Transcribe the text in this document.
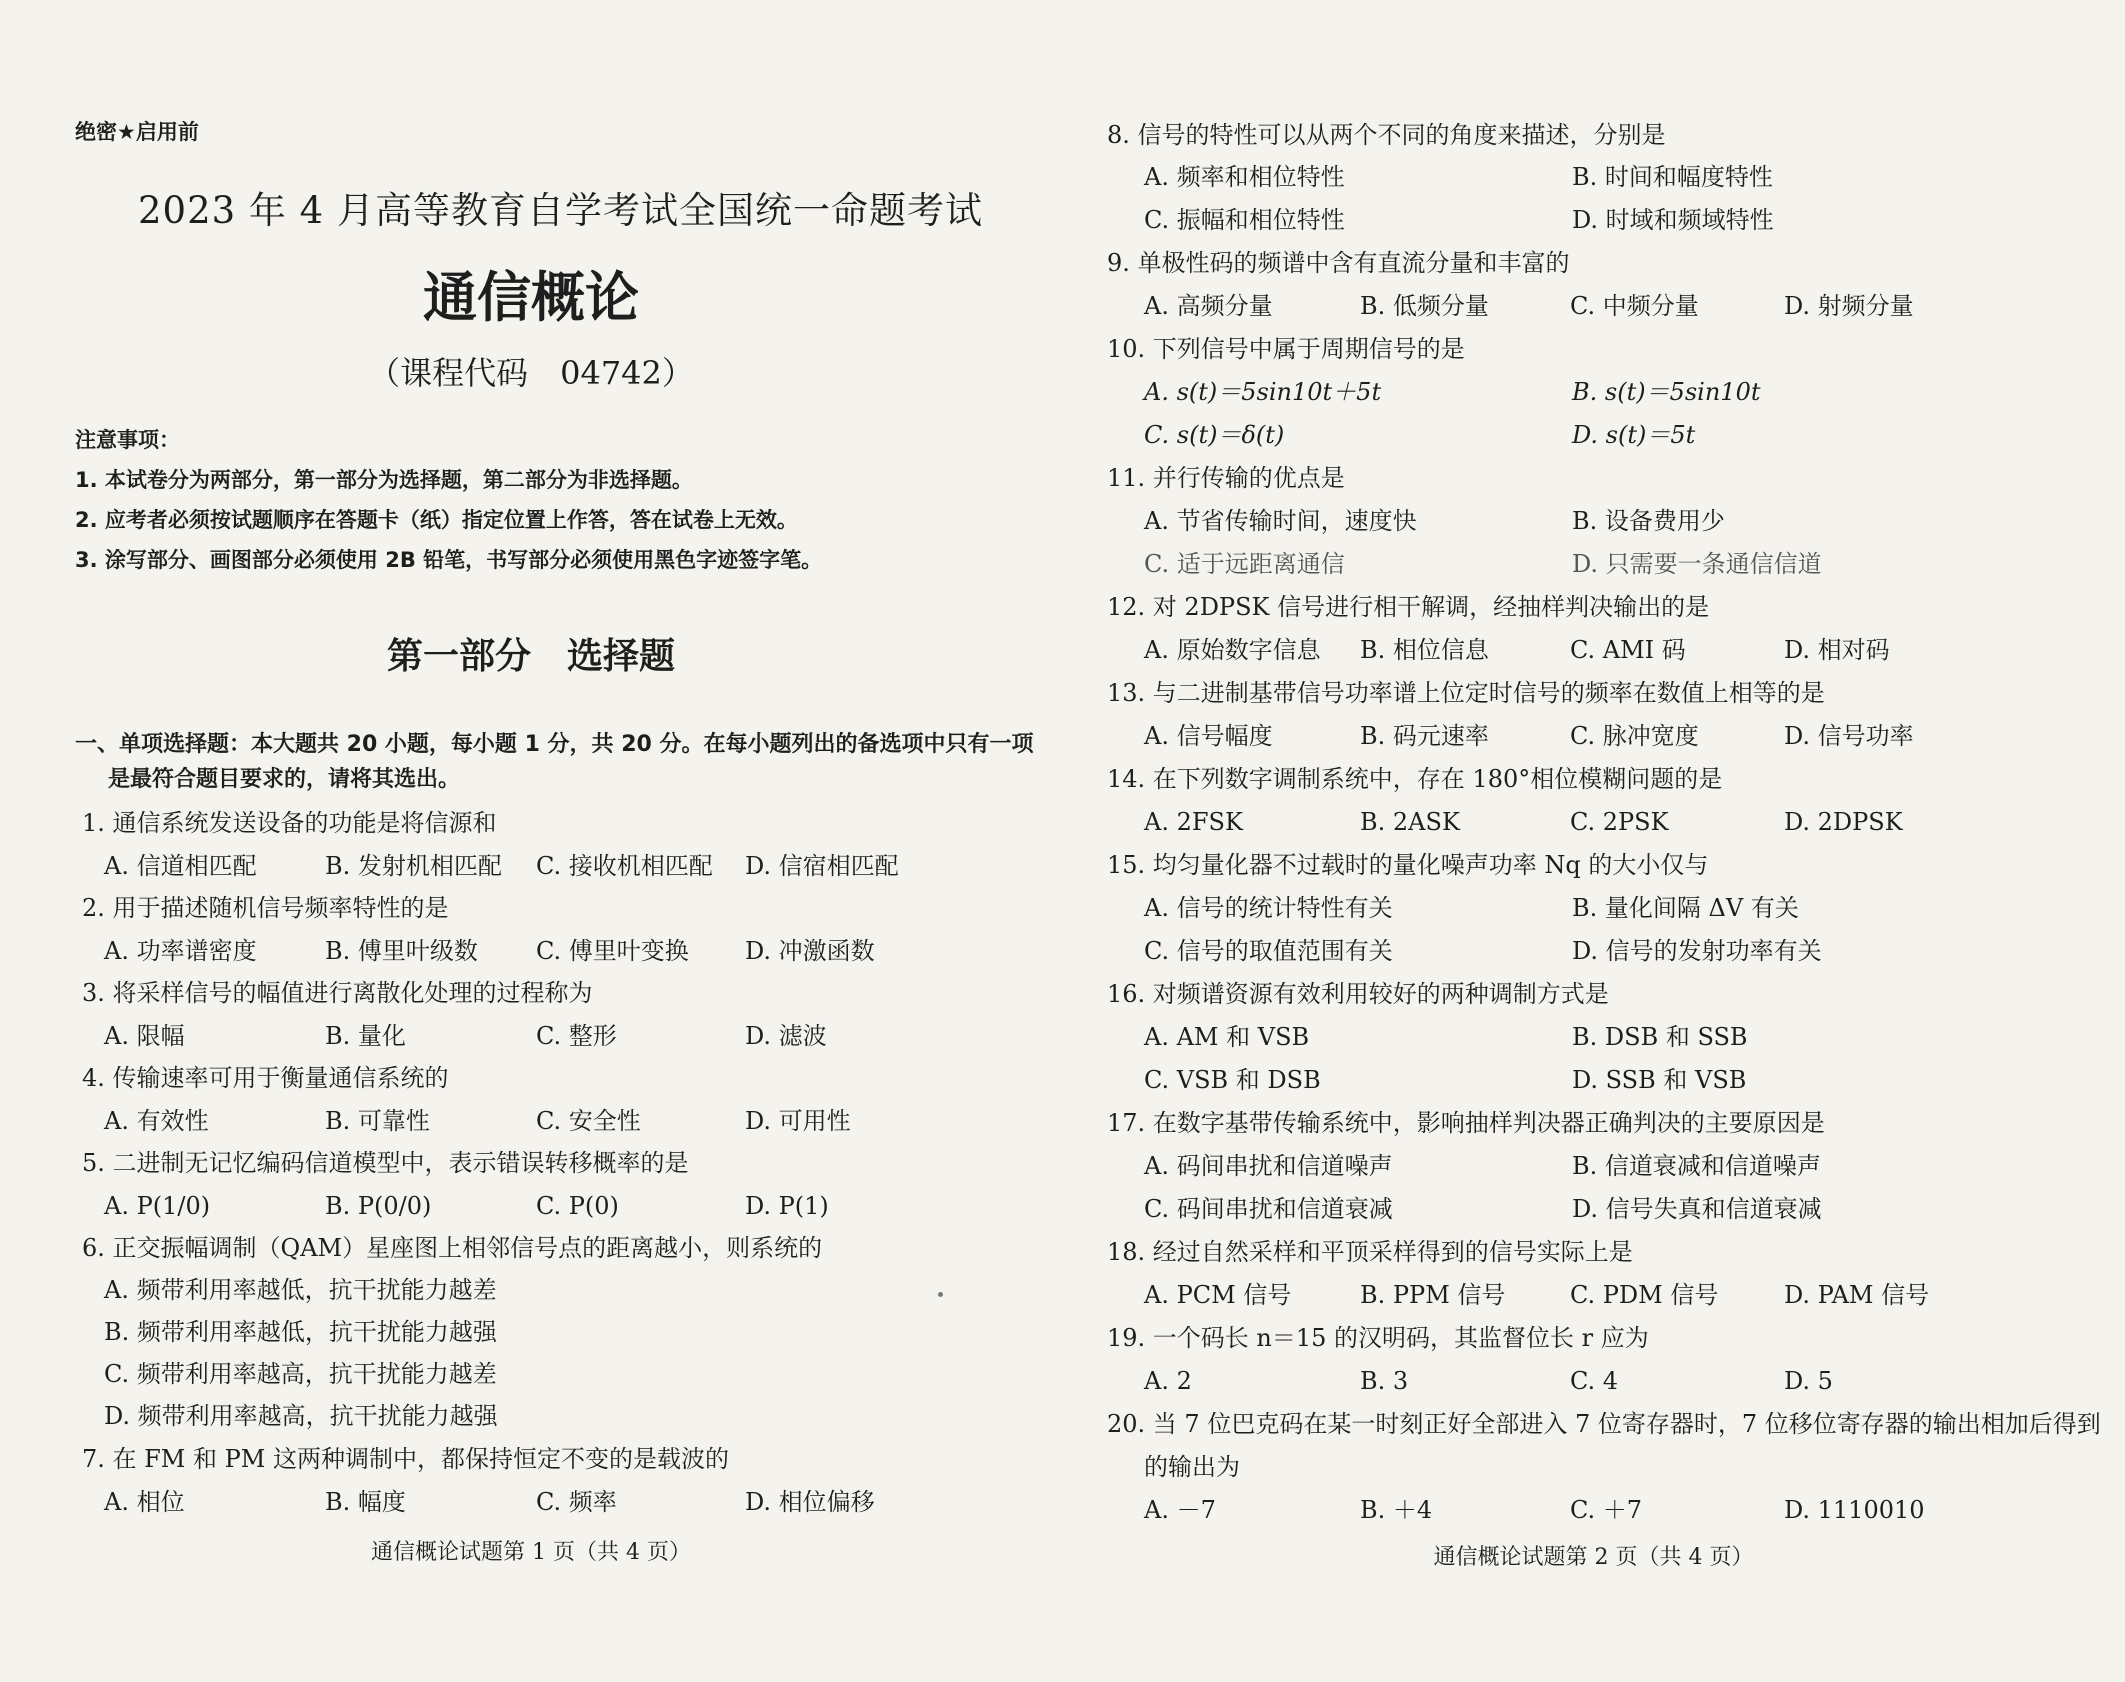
绝密★启用前
2023 年 4 月高等教育自学考试全国统一命题考试
通信概论
（课程代码　04742）
注意事项：
1. 本试卷分为两部分，第一部分为选择题，第二部分为非选择题。
2. 应考者必须按试题顺序在答题卡（纸）指定位置上作答，答在试卷上无效。
3. 涂写部分、画图部分必须使用 2B 铅笔，书写部分必须使用黑色字迹签字笔。
第一部分　选择题
一、单项选择题：本大题共 20 小题，每小题 1 分，共 20 分。在每小题列出的备选项中只有一项
是最符合题目要求的，请将其选出。
1. 通信系统发送设备的功能是将信源和
A. 信道相匹配	B. 发射机相匹配 C. 接收机相匹配 D. 信宿相匹配
2. 用于描述随机信号频率特性的是
A. 功率谱密度	B. 傅里叶级数 C. 傅里叶变换 D. 冲激函数
3. 将采样信号的幅值进行离散化处理的过程称为
A. 限幅	B. 量化	C. 整形	D. 滤波
4. 传输速率可用于衡量通信系统的
A. 有效性	B. 可靠性	C. 安全性	D. 可用性
5. 二进制无记忆编码信道模型中，表示错误转移概率的是
A. P(1/0)	B. P(0/0)	C. P(0)	D. P(1)
6. 正交振幅调制（QAM）星座图上相邻信号点的距离越小，则系统的
A. 频带利用率越低，抗干扰能力越差
B. 频带利用率越低，抗干扰能力越强
C. 频带利用率越高，抗干扰能力越差
D. 频带利用率越高，抗干扰能力越强
7. 在 FM 和 PM 这两种调制中，都保持恒定不变的是载波的
A. 相位	B. 幅度	C. 频率	D. 相位偏移
通信概论试题第 1 页（共 4 页）
8. 信号的特性可以从两个不同的角度来描述，分别是
A. 频率和相位特性	B. 时间和幅度特性
C. 振幅和相位特性	D. 时域和频域特性
9. 单极性码的频谱中含有直流分量和丰富的
A. 高频分量	B. 低频分量	C. 中频分量	D. 射频分量
10. 下列信号中属于周期信号的是
A. s(t)＝5sin10t＋5t	B. s(t)＝5sin10t
C. s(t)＝δ(t)	D. s(t)＝5t
11. 并行传输的优点是
A. 节省传输时间，速度快	B. 设备费用少
C. 适于远距离通信	D. 只需要一条通信信道
12. 对 2DPSK 信号进行相干解调，经抽样判决输出的是
A. 原始数字信息 B. 相位信息	C. AMI 码	D. 相对码
13. 与二进制基带信号功率谱上位定时信号的频率在数值上相等的是
A. 信号幅度	B. 码元速率	C. 脉冲宽度	D. 信号功率
14. 在下列数字调制系统中，存在 180°相位模糊问题的是
A. 2FSK	B. 2ASK	C. 2PSK	D. 2DPSK
15. 均匀量化器不过载时的量化噪声功率 Nq 的大小仅与
A. 信号的统计特性有关	B. 量化间隔 ΔV 有关
C. 信号的取值范围有关	D. 信号的发射功率有关
16. 对频谱资源有效利用较好的两种调制方式是
A. AM 和 VSB	B. DSB 和 SSB
C. VSB 和 DSB	D. SSB 和 VSB
17. 在数字基带传输系统中，影响抽样判决器正确判决的主要原因是
A. 码间串扰和信道噪声	B. 信道衰减和信道噪声
C. 码间串扰和信道衰减	D. 信号失真和信道衰减
18. 经过自然采样和平顶采样得到的信号实际上是
A. PCM 信号	B. PPM 信号	C. PDM 信号	D. PAM 信号
19. 一个码长 n＝15 的汉明码，其监督位长 r 应为
A. 2	B. 3	C. 4	D. 5
20. 当 7 位巴克码在某一时刻正好全部进入 7 位寄存器时，7 位移位寄存器的输出相加后得到
的输出为
A. －7	B. ＋4	C. ＋7	D. 1110010
通信概论试题第 2 页（共 4 页）
